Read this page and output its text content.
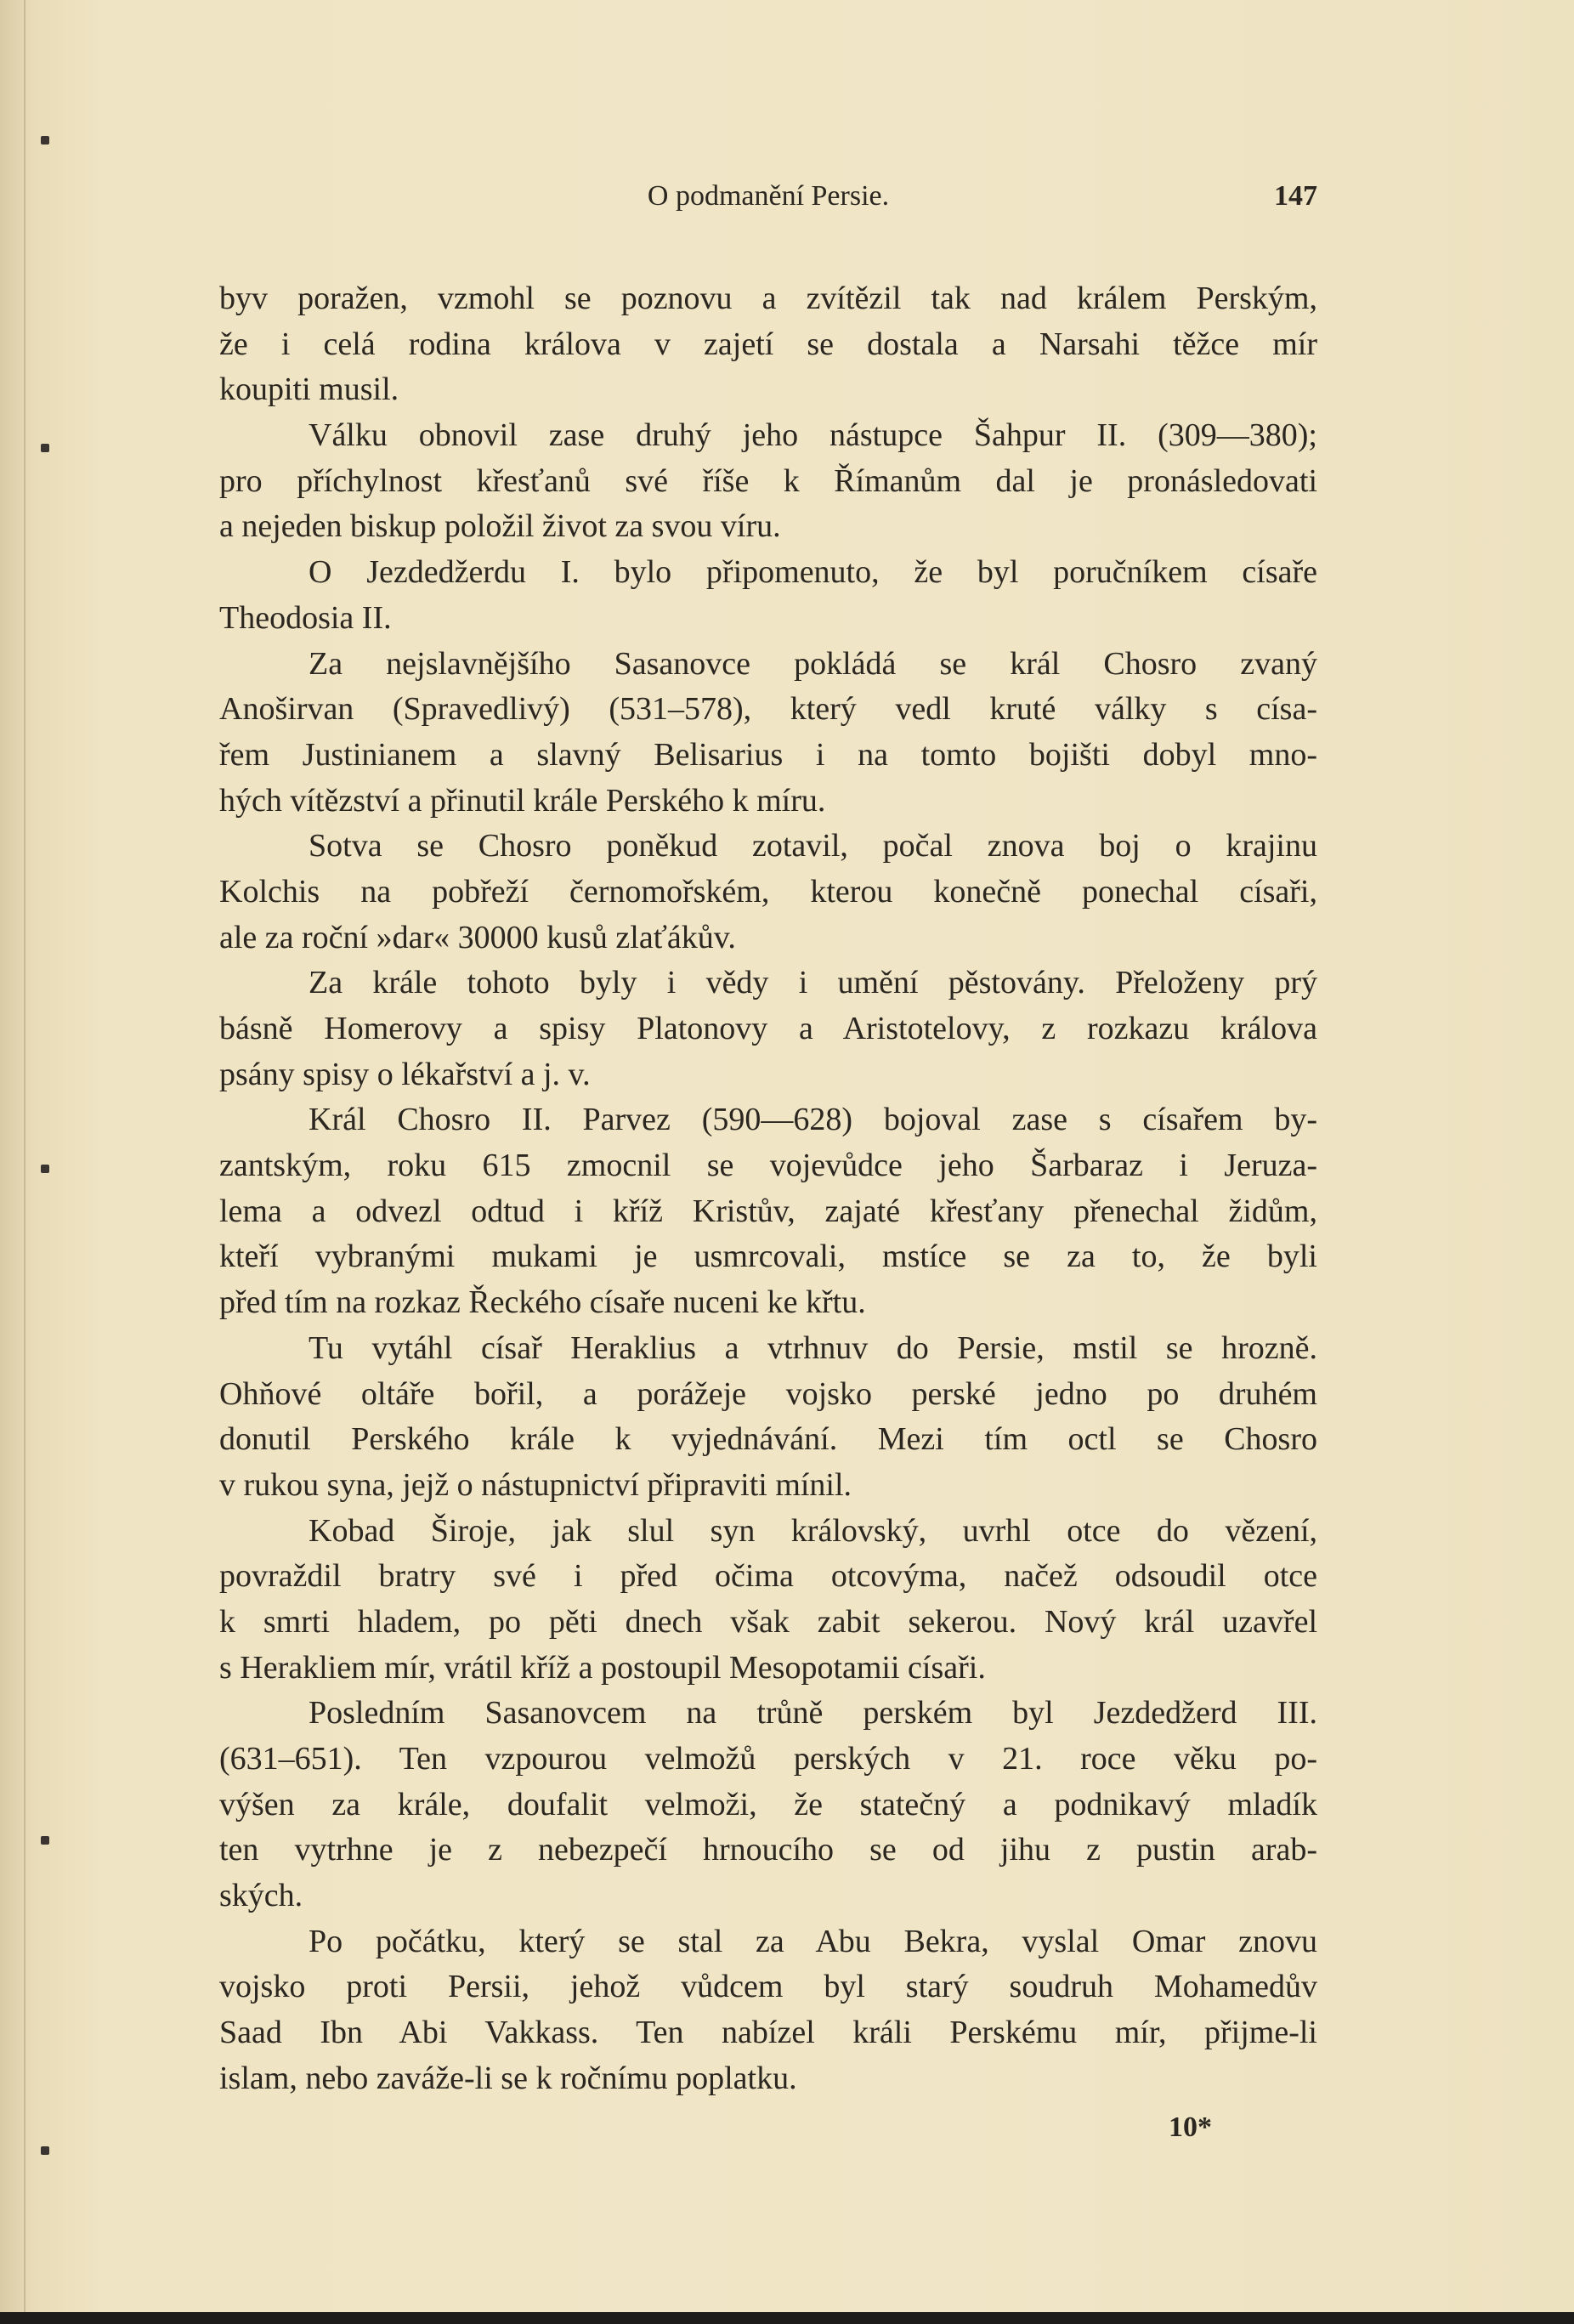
O podmanění Persie.	147
byv poražen, vzmohl se poznovu a zvítězil tak nad králem Perským,
že i celá rodina králova v zajetí se dostala a Narsahi těžce mír
koupiti musil.
Válku obnovil zase druhý jeho nástupce Šahpur II. (309—380);
pro příchylnost křesťanů své říše k Římanům dal je pronásledovati
a nejeden biskup položil život za svou víru.
O Jezdedžerdu I. bylo připomenuto, že byl poručníkem císaře
Theodosia II.
Za nejslavnějšího Sasanovce pokládá se král Chosro zvaný
Anoširvan (Spravedlivý) (531–578), který vedl kruté války s císa-
řem Justinianem a slavný Belisarius i na tomto bojišti dobyl mno-
hých vítězství a přinutil krále Perského k míru.
Sotva se Chosro poněkud zotavil, počal znova boj o krajinu
Kolchis na pobřeží černomořském, kterou konečně ponechal císaři,
ale za roční »dar« 30000 kusů zlaťákův.
Za krále tohoto byly i vědy i umění pěstovány. Přeloženy prý
básně Homerovy a spisy Platonovy a Aristotelovy, z rozkazu králova
psány spisy o lékařství a j. v.
Král Chosro II. Parvez (590—628) bojoval zase s císařem by-
zantským, roku 615 zmocnil se vojevůdce jeho Šarbaraz i Jeruza-
lema a odvezl odtud i kříž Kristův, zajaté křesťany přenechal židům,
kteří vybranými mukami je usmrcovali, mstíce se za to, že byli
před tím na rozkaz Řeckého císaře nuceni ke křtu.
Tu vytáhl císař Heraklius a vtrhnuv do Persie, mstil se hrozně.
Ohňové oltáře bořil, a porážeje vojsko perské jedno po druhém
donutil Perského krále k vyjednávání. Mezi tím octl se Chosro
v rukou syna, jejž o nástupnictví připraviti mínil.
Kobad Široje, jak slul syn královský, uvrhl otce do vězení,
povraždil bratry své i před očima otcovýma, načež odsoudil otce
k smrti hladem, po pěti dnech však zabit sekerou. Nový král uzavřel
s Herakliem mír, vrátil kříž a postoupil Mesopotamii císaři.
Posledním Sasanovcem na trůně perském byl Jezdedžerd III.
(631–651). Ten vzpourou velmožů perských v 21. roce věku po-
výšen za krále, doufalit velmoži, že statečný a podnikavý mladík
ten vytrhne je z nebezpečí hrnoucího se od jihu z pustin arab-
ských.
Po počátku, který se stal za Abu Bekra, vyslal Omar znovu
vojsko proti Persii, jehož vůdcem byl starý soudruh Mohamedův
Saad Ibn Abi Vakkass. Ten nabízel králi Perskému mír, přijme-li
islam, nebo zaváže-li se k ročnímu poplatku.
10*
